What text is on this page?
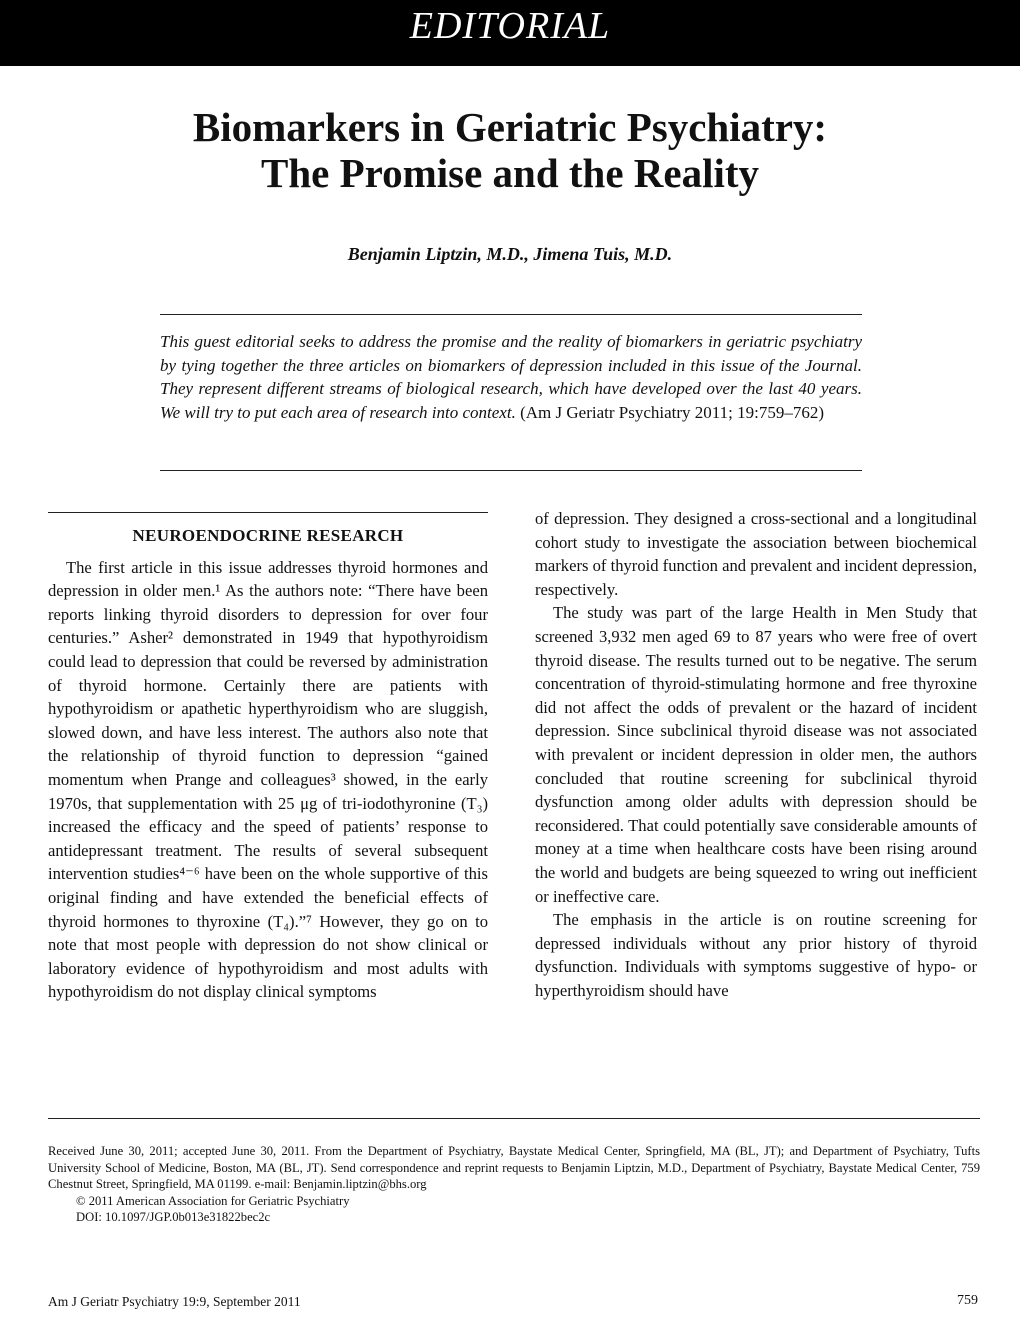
EDITORIAL
Biomarkers in Geriatric Psychiatry:
The Promise and the Reality
Benjamin Liptzin, M.D., Jimena Tuis, M.D.
This guest editorial seeks to address the promise and the reality of biomarkers in geriatric psychiatry by tying together the three articles on biomarkers of depression included in this issue of the Journal. They represent different streams of biological research, which have developed over the last 40 years. We will try to put each area of research into context. (Am J Geriatr Psychiatry 2011; 19:759–762)
NEUROENDOCRINE RESEARCH

The first article in this issue addresses thyroid hormones and depression in older men.¹ As the authors note: “There have been reports linking thyroid disorders to depression for over four centuries.” Asher² demonstrated in 1949 that hypothyroidism could lead to depression that could be reversed by administration of thyroid hormone. Certainly there are patients with hypothyroidism or apathetic hyperthyroidism who are sluggish, slowed down, and have less interest. The authors also note that the relationship of thyroid function to depression “gained momentum when Prange and colleagues³ showed, in the early 1970s, that supplementation with 25 μg of tri-iodothyronine (T₃) increased the efficacy and the speed of patients’ response to antidepressant treatment. The results of several subsequent intervention studies⁴⁻⁶ have been on the whole supportive of this original finding and have extended the beneficial effects of thyroid hormones to thyroxine (T₄).”⁷ However, they go on to note that most people with depression do not show clinical or laboratory evidence of hypothyroidism and most adults with hypothyroidism do not display clinical symptoms

of depression. They designed a cross-sectional and a longitudinal cohort study to investigate the association between biochemical markers of thyroid function and prevalent and incident depression, respectively.

The study was part of the large Health in Men Study that screened 3,932 men aged 69 to 87 years who were free of overt thyroid disease. The results turned out to be negative. The serum concentration of thyroid-stimulating hormone and free thyroxine did not affect the odds of prevalent or the hazard of incident depression. Since subclinical thyroid disease was not associated with prevalent or incident depression in older men, the authors concluded that routine screening for subclinical thyroid dysfunction among older adults with depression should be reconsidered. That could potentially save considerable amounts of money at a time when healthcare costs have been rising around the world and budgets are being squeezed to wring out inefficient or ineffective care.

The emphasis in the article is on routine screening for depressed individuals without any prior history of thyroid dysfunction. Individuals with symptoms suggestive of hypo- or hyperthyroidism should have

Received June 30, 2011; accepted June 30, 2011. From the Department of Psychiatry, Baystate Medical Center, Springfield, MA (BL, JT); and Department of Psychiatry, Tufts University School of Medicine, Boston, MA (BL, JT). Send correspondence and reprint requests to Benjamin Liptzin, M.D., Department of Psychiatry, Baystate Medical Center, 759 Chestnut Street, Springfield, MA 01199. e-mail: Benjamin.liptzin@bhs.org
© 2011 American Association for Geriatric Psychiatry
DOI: 10.1097/JGP.0b013e31822bec2c
Am J Geriatr Psychiatry 19:9, September 2011	759
